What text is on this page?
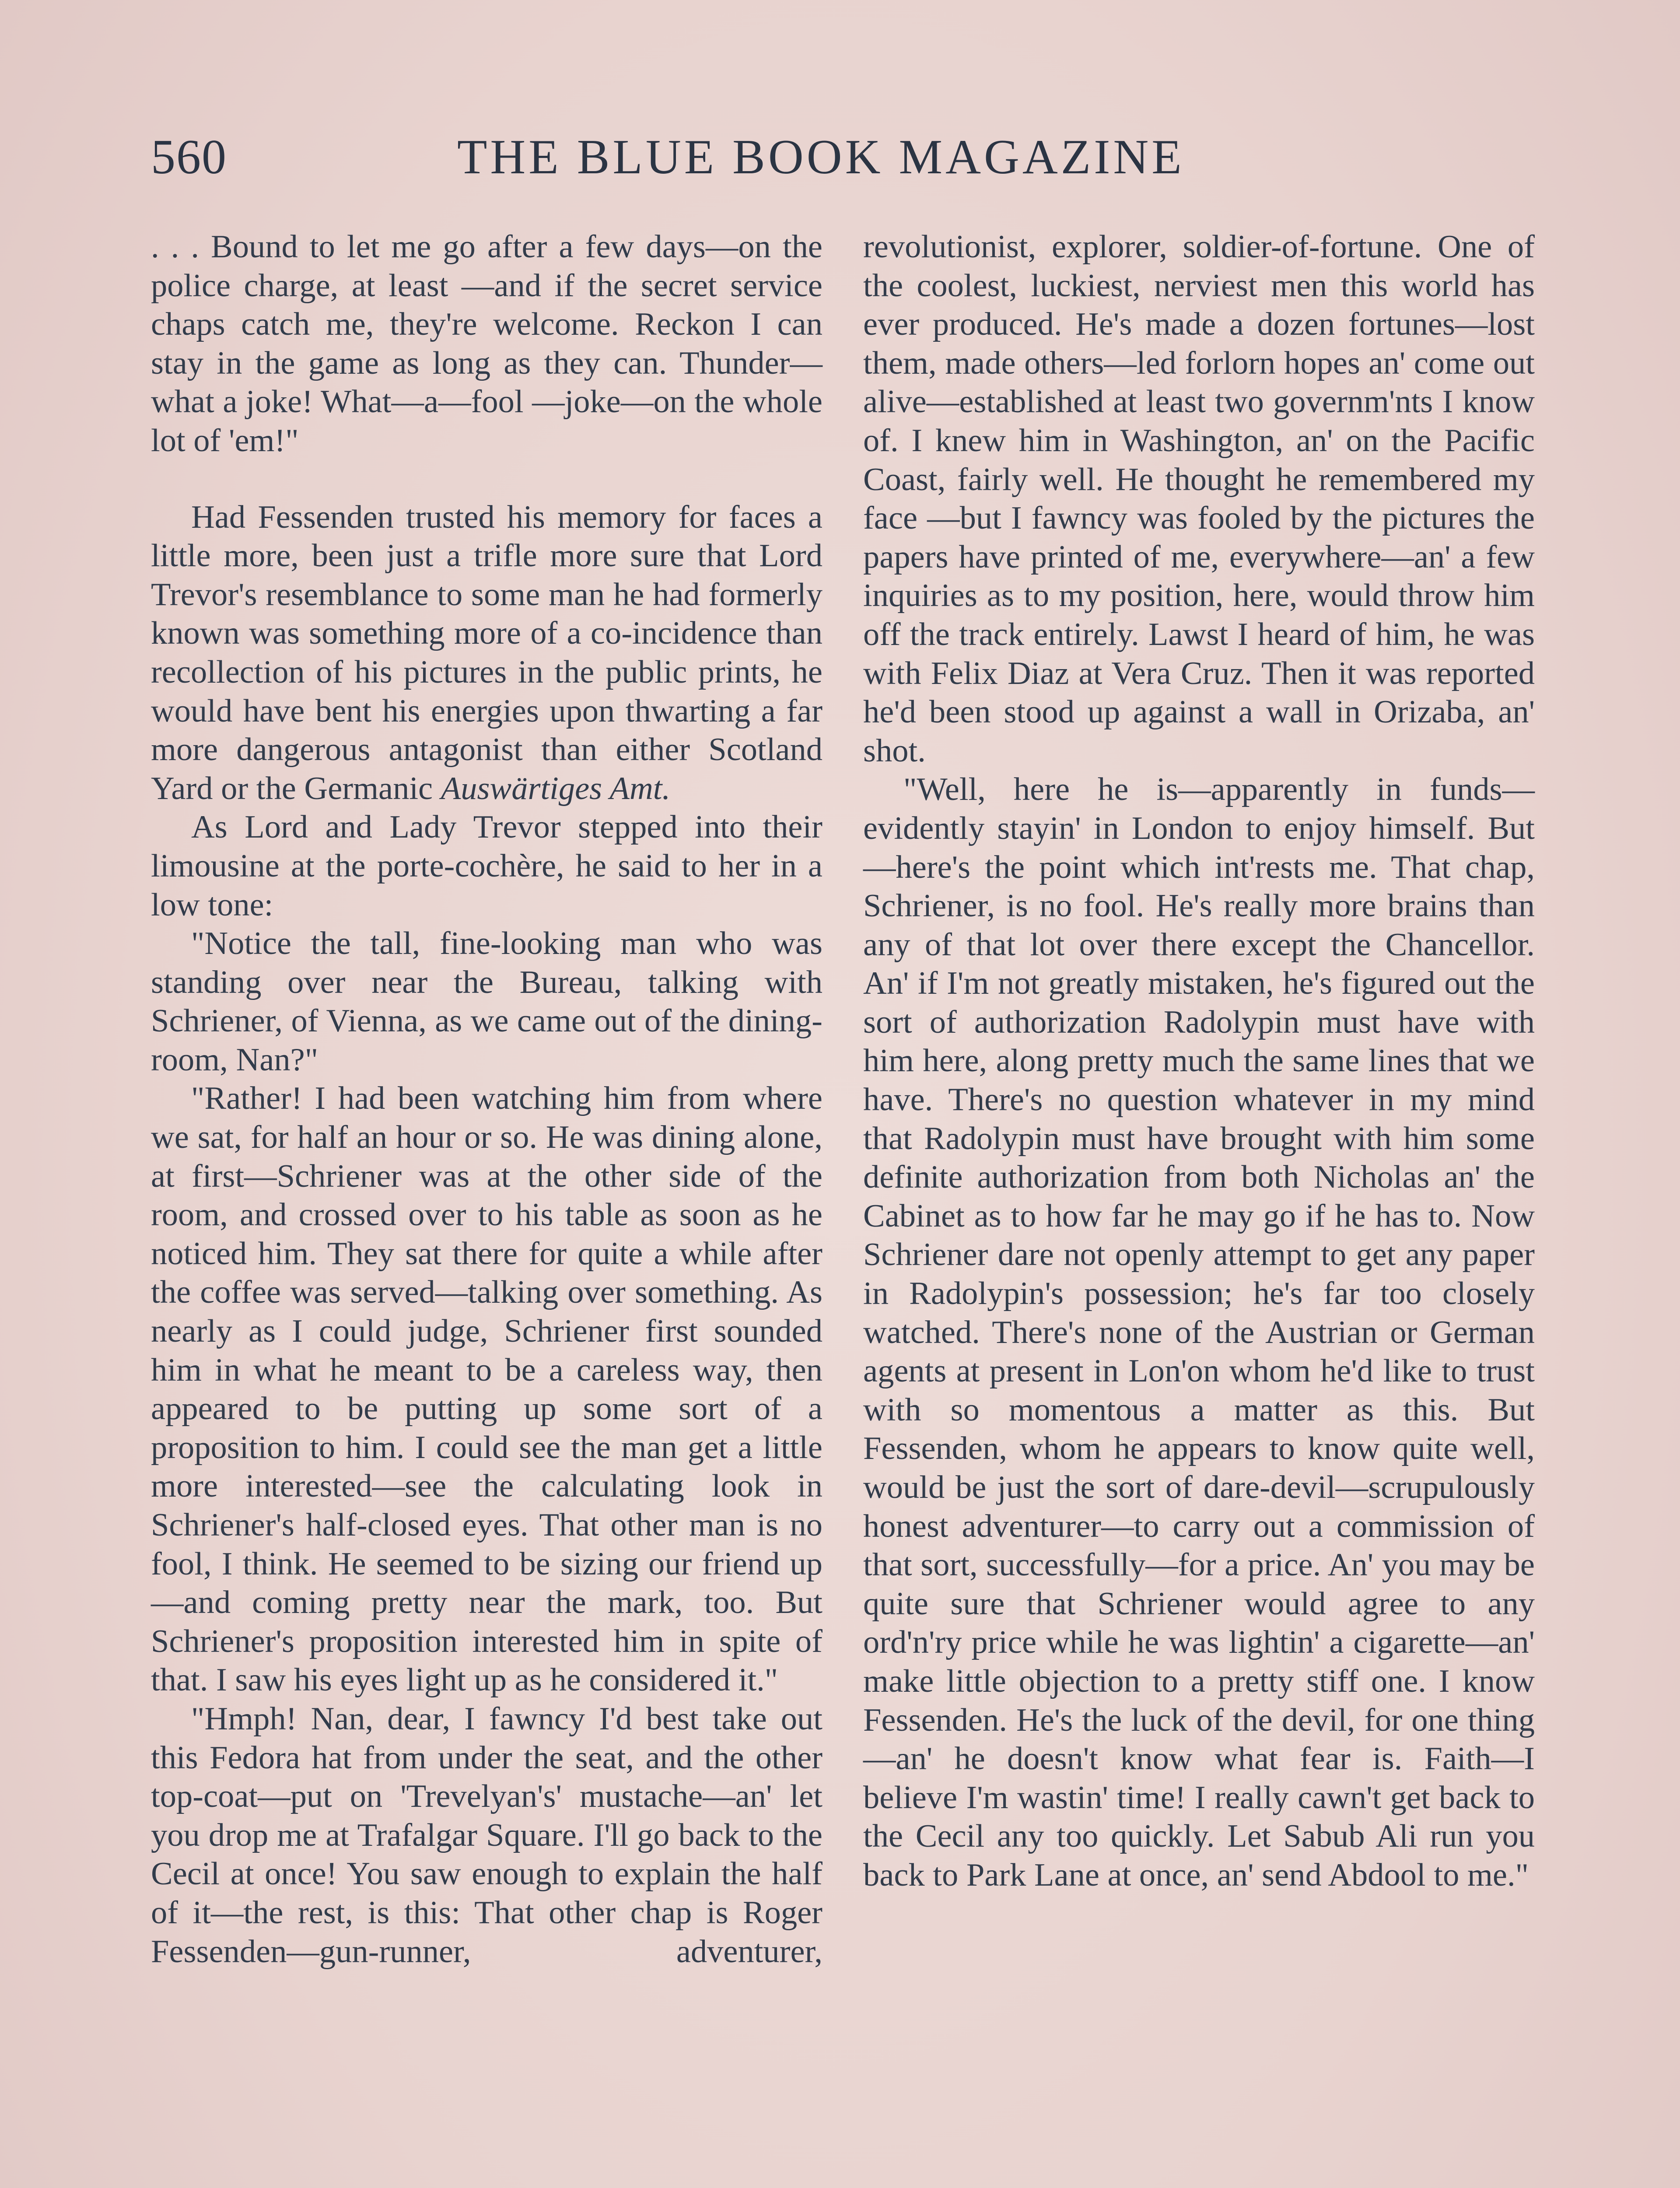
560	THE BLUE BOOK MAGAZINE

. . . Bound to let me go after a few days—on the police charge, at least —and if the secret service chaps catch me, they're welcome. Reckon I can stay in the game as long as they can. Thunder—what a joke! What—a—fool —joke—on the whole lot of 'em!"

Had Fessenden trusted his memory for faces a little more, been just a trifle more sure that Lord Trevor's resemblance to some man he had formerly known was something more of a co-incidence than recollection of his pictures in the public prints, he would have bent his energies upon thwarting a far more dangerous antagonist than either Scotland Yard or the Germanic Auswärtiges Amt.

As Lord and Lady Trevor stepped into their limousine at the porte-cochère, he said to her in a low tone:

"Notice the tall, fine-looking man who was standing over near the Bureau, talking with Schriener, of Vienna, as we came out of the dining-room, Nan?"

"Rather! I had been watching him from where we sat, for half an hour or so. He was dining alone, at first—Schriener was at the other side of the room, and crossed over to his table as soon as he noticed him. They sat there for quite a while after the coffee was served—talking over something. As nearly as I could judge, Schriener first sounded him in what he meant to be a careless way, then appeared to be putting up some sort of a proposition to him. I could see the man get a little more interested—see the calculating look in Schriener's half-closed eyes. That other man is no fool, I think. He seemed to be sizing our friend up—and coming pretty near the mark, too. But Schriener's proposition interested him in spite of that. I saw his eyes light up as he considered it."

"Hmph! Nan, dear, I fawncy I'd best take out this Fedora hat from under the seat, and the other top-coat—put on 'Trevelyan's' mustache—an' let you drop me at Trafalgar Square. I'll go back to the Cecil at once! You saw enough to explain the half of it—the rest, is this: That other chap is Roger Fessenden—gun-runner, adventurer,

revolutionist, explorer, soldier-of-fortune. One of the coolest, luckiest, nerviest men this world has ever produced. He's made a dozen fortunes—lost them, made others—led forlorn hopes an' come out alive—established at least two governm'nts I know of. I knew him in Washington, an' on the Pacific Coast, fairly well. He thought he remembered my face —but I fawncy was fooled by the pictures the papers have printed of me, everywhere—an' a few inquiries as to my position, here, would throw him off the track entirely. Lawst I heard of him, he was with Felix Diaz at Vera Cruz. Then it was reported he'd been stood up against a wall in Orizaba, an' shot.

"Well, here he is—apparently in funds—evidently stayin' in London to enjoy himself. But—here's the point which int'rests me. That chap, Schriener, is no fool. He's really more brains than any of that lot over there except the Chancellor. An' if I'm not greatly mistaken, he's figured out the sort of authorization Radolypin must have with him here, along pretty much the same lines that we have. There's no question whatever in my mind that Radolypin must have brought with him some definite authorization from both Nicholas an' the Cabinet as to how far he may go if he has to. Now Schriener dare not openly attempt to get any paper in Radolypin's possession; he's far too closely watched. There's none of the Austrian or German agents at present in Lon'on whom he'd like to trust with so momentous a matter as this. But Fessenden, whom he appears to know quite well, would be just the sort of dare-devil—scrupulously honest adventurer—to carry out a commission of that sort, successfully—for a price. An' you may be quite sure that Schriener would agree to any ord'n'ry price while he was lightin' a cigarette—an' make little objection to a pretty stiff one. I know Fessenden. He's the luck of the devil, for one thing—an' he doesn't know what fear is. Faith—I believe I'm wastin' time! I really cawn't get back to the Cecil any too quickly. Let Sabub Ali run you back to Park Lane at once, an' send Abdool to me."
